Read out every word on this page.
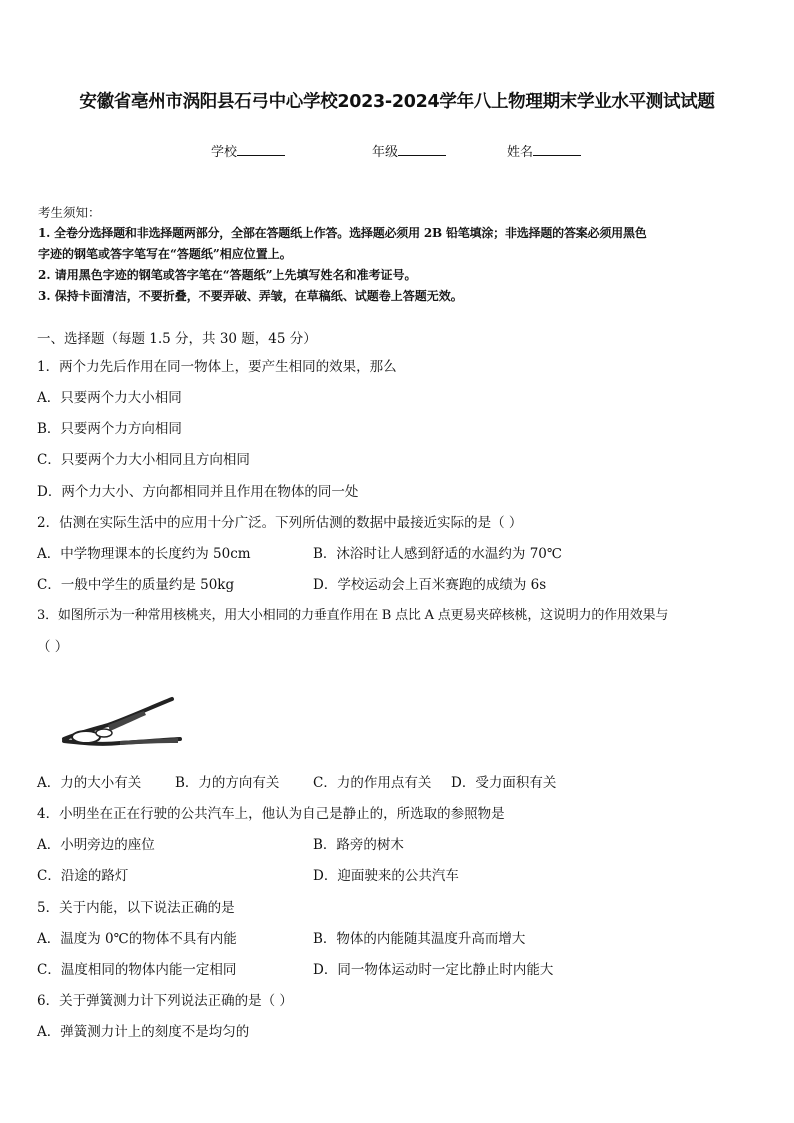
安徽省亳州市涡阳县石弓中心学校2023-2024学年八上物理期末学业水平测试试题
学校	年级	姓名
考生须知：
1. 全卷分选择题和非选择题两部分，全部在答题纸上作答。选择题必须用 2B 铅笔填涂；非选择题的答案必须用黑色
字迹的钢笔或答字笔写在“答题纸”相应位置上。
2. 请用黑色字迹的钢笔或答字笔在“答题纸”上先填写姓名和准考证号。
3. 保持卡面清洁，不要折叠，不要弄破、弄皱，在草稿纸、试题卷上答题无效。
一、选择题（每题 1.5 分，共 30 题，45 分）
1．两个力先后作用在同一物体上，要产生相同的效果，那么
A．只要两个力大小相同
B．只要两个力方向相同
C．只要两个力大小相同且方向相同
D．两个力大小、方向都相同并且作用在物体的同一处
2．估测在实际生活中的应用十分广泛。下列所估测的数据中最接近实际的是（ ）
A．中学物理课本的长度约为 50cm	B．沐浴时让人感到舒适的水温约为 70℃
C．一般中学生的质量约是 50kg	D．学校运动会上百米赛跑的成绩为 6s
3．如图所示为一种常用核桃夹，用大小相同的力垂直作用在 B 点比 A 点更易夹碎核桃，这说明力的作用效果与
（ ）
A．力的大小有关	B．力的方向有关 C．力的作用点有关 D．受力面积有关
4．小明坐在正在行驶的公共汽车上，他认为自己是静止的，所选取的参照物是
A．小明旁边的座位	B．路旁的树木
C．沿途的路灯	D．迎面驶来的公共汽车
5．关于内能，以下说法正确的是
A．温度为 0℃的物体不具有内能	B．物体的内能随其温度升高而增大
C．温度相同的物体内能一定相同	D．同一物体运动时一定比静止时内能大
6．关于弹簧测力计下列说法正确的是（ ）
A．弹簧测力计上的刻度不是均匀的
